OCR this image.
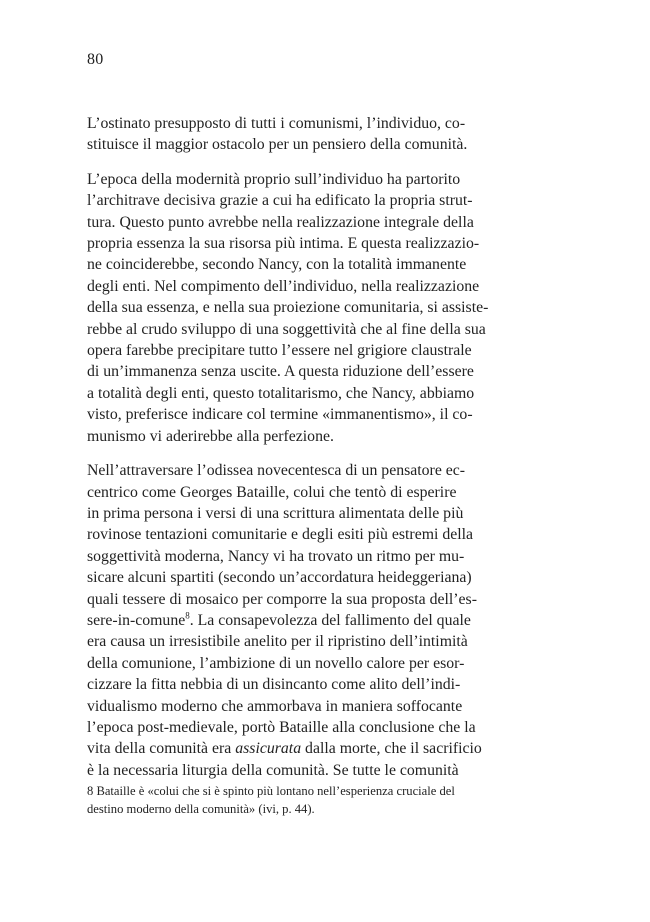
80

L’ostinato presupposto di tutti i comunismi, l’individuo, co-
stituisce il maggior ostacolo per un pensiero della comunità.

L’epoca della modernità proprio sull’individuo ha partorito
l’architrave decisiva grazie a cui ha edificato la propria strut-
tura. Questo punto avrebbe nella realizzazione integrale della
propria essenza la sua risorsa più intima. E questa realizzazio-
ne coinciderebbe, secondo Nancy, con la totalità immanente
degli enti. Nel compimento dell’individuo, nella realizzazione
della sua essenza, e nella sua proiezione comunitaria, si assiste-
rebbe al crudo sviluppo di una soggettività che al fine della sua
opera farebbe precipitare tutto l’essere nel grigiore claustrale
di un’immanenza senza uscite. A questa riduzione dell’essere
a totalità degli enti, questo totalitarismo, che Nancy, abbiamo
visto, preferisce indicare col termine «immanentismo», il co-
munismo vi aderirebbe alla perfezione.

Nell’attraversare l’odissea novecentesca di un pensatore ec-
centrico come Georges Bataille, colui che tentò di esperire
in prima persona i versi di una scrittura alimentata delle più
rovinose tentazioni comunitarie e degli esiti più estremi della
soggettività moderna, Nancy vi ha trovato un ritmo per mu-
sicare alcuni spartiti (secondo un’accordatura heideggeriana)
quali tessere di mosaico per comporre la sua proposta dell’es-
sere-in-comune$^8$. La consapevolezza del fallimento del quale
era causa un irresistibile anelito per il ripristino dell’intimità
della comunione, l’ambizione di un novello calore per esor-
cizzare la fitta nebbia di un disincanto come alito dell’indi-
vidualismo moderno che ammorbava in maniera soffocante
l’epoca post-medievale, portò Bataille alla conclusione che la
vita della comunità era assicurata dalla morte, che il sacrificio
è la necessaria liturgia della comunità. Se tutte le comunità

8 Bataille è «colui che si è spinto più lontano nell’esperienza cruciale del
destino moderno della comunità» (ivi, p. 44).
